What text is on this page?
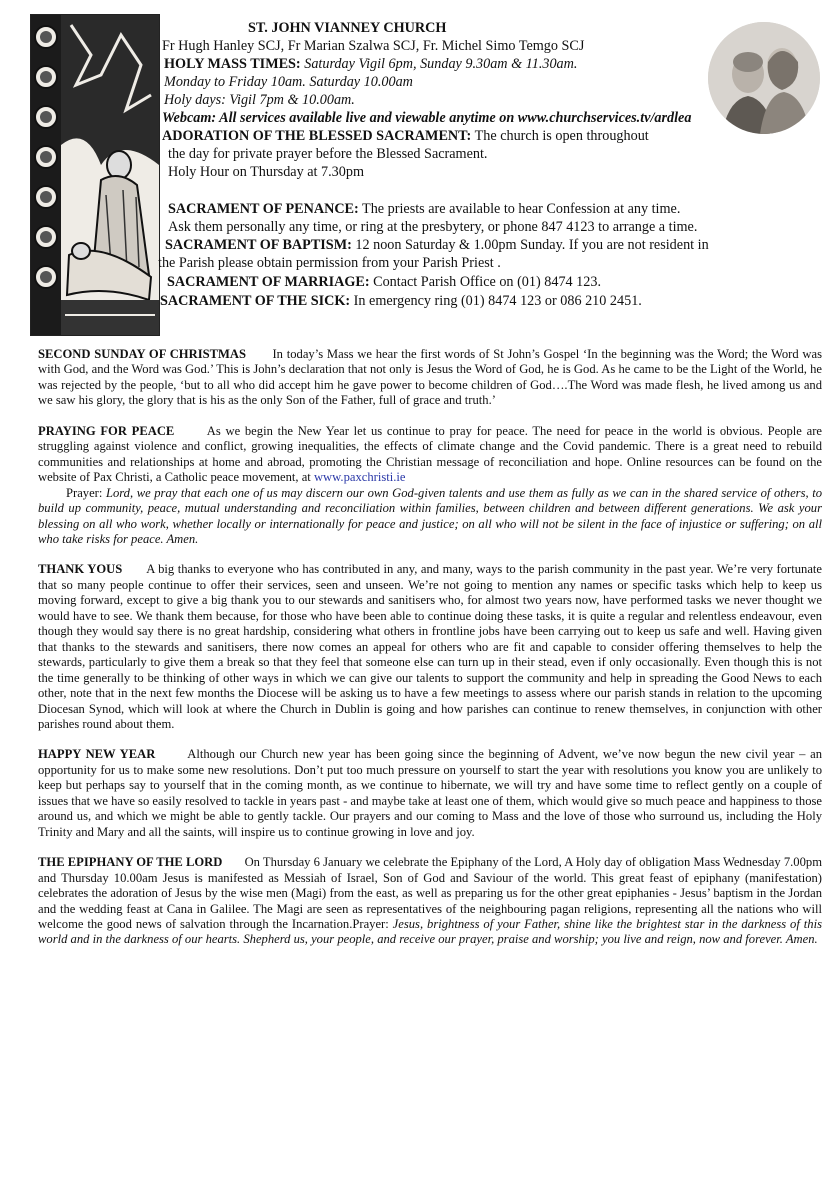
ST. JOHN VIANNEY CHURCH
Fr Hugh Hanley SCJ, Fr Marian Szalwa SCJ, Fr. Michel Simo Temgo SCJ
HOLY MASS TIMES: Saturday Vigil 6pm, Sunday 9.30am & 11.30am.
Monday to Friday 10am. Saturday 10.00am
Holy days: Vigil 7pm & 10.00am.
Webcam: All services available live and viewable anytime on www.churchservices.tv/ardlea
ADORATION OF THE BLESSED SACRAMENT: The church is open throughout
the day for private prayer before the Blessed Sacrament.
Holy Hour on Thursday at 7.30pm
SACRAMENT OF PENANCE: The priests are available to hear Confession at any time.
Ask them personally any time, or ring at the presbytery, or phone 847 4123 to arrange a time.
SACRAMENT OF BAPTISM: 12 noon Saturday & 1.00pm Sunday. If you are not resident in
the Parish please obtain permission from your Parish Priest .
SACRAMENT OF MARRIAGE: Contact Parish Office on (01) 8474 123.
SACRAMENT OF THE SICK: In emergency ring (01) 8474 123 or 086 210 2451.

SECOND SUNDAY OF CHRISTMAS In today’s Mass we hear the first words of St John’s Gospel ‘In the beginning was the Word; the Word was with God, and the Word was God.’ This is John’s declaration that not only is Jesus the Word of God, he is God. As he came to be the Light of the World, he was rejected by the people, ‘but to all who did accept him he gave power to become children of God….The Word was made flesh, he lived among us and we saw his glory, the glory that is his as the only Son of the Father, full of grace and truth.’

PRAYING FOR PEACE	As we begin the New Year let us continue to pray for peace. The need for peace in the world is obvious. People are struggling against violence and conflict, growing inequalities, the effects of climate change and the Covid pandemic. There is a great need to rebuild communities and relationships at home and abroad, promoting the Christian message of reconciliation and hope. Online resources can be found on the website of Pax Christi, a Catholic peace movement, at www.paxchristi.ie

Prayer: Lord, we pray that each one of us may discern our own God-given talents and use them as fully as we can in the shared service of others, to build up community, peace, mutual understanding and reconciliation within families, between children and between different generations. We ask your blessing on all who work, whether locally or internationally for peace and justice; on all who will not be silent in the face of injustice or suffering; on all who take risks for peace. Amen.

THANK YOUS A big thanks to everyone who has contributed in any, and many, ways to the parish community in the past year. We’re very fortunate that so many people continue to offer their services, seen and unseen. We’re not going to mention any names or specific tasks which help to keep us moving forward, except to give a big thank you to our stewards and sanitisers who, for almost two years now, have performed tasks we never thought we would have to see. We thank them because, for those who have been able to continue doing these tasks, it is quite a regular and relentless endeavour, even though they would say there is no great hardship, considering what others in frontline jobs have been carrying out to keep us safe and well. Having given that thanks to the stewards and sanitisers, there now comes an appeal for others who are fit and capable to consider offering themselves to help the stewards, particularly to give them a break so that they feel that someone else can turn up in their stead, even if only occasionally. Even though this is not the time generally to be thinking of other ways in which we can give our talents to support the community and help in spreading the Good News to each other, note that in the next few months the Diocese will be asking us to have a few meetings to assess where our parish stands in relation to the upcoming Diocesan Synod, which will look at where the Church in Dublin is going and how parishes can continue to renew themselves, in conjunction with other parishes round about them.

HAPPY NEW YEAR	Although our Church new year has been going since the beginning of Advent, we’ve now begun the new civil year – an opportunity for us to make some new resolutions. Don’t put too much pressure on yourself to start the year with resolutions you know you are unlikely to keep but perhaps say to yourself that in the coming month, as we continue to hibernate, we will try and have some time to reflect gently on a couple of issues that we have so easily resolved to tackle in years past - and maybe take at least one of them, which would give so much peace and happiness to those around us, and which we might be able to gently tackle. Our prayers and our coming to Mass and the love of those who surround us, including the Holy Trinity and Mary and all the saints, will inspire us to continue growing in love and joy.

THE EPIPHANY OF THE LORD On Thursday 6 January we celebrate the Epiphany of the Lord, A Holy day of obligation Mass Wednesday 7.00pm and Thursday 10.00am Jesus is manifested as Messiah of Israel, Son of God and Saviour of the world. This great feast of epiphany (manifestation) celebrates the adoration of Jesus by the wise men (Magi) from the east, as well as preparing us for the other great epiphanies - Jesus’ baptism in the Jordan and the wedding feast at Cana in Galilee. The Magi are seen as representatives of the neighbouring pagan religions, representing all the nations who will welcome the good news of salvation through the Incarnation.Prayer: Jesus, brightness of your Father, shine like the brightest star in the darkness of this world and in the darkness of our hearts. Shepherd us, your people, and receive our prayer, praise and worship; you live and reign, now and forever. Amen.
